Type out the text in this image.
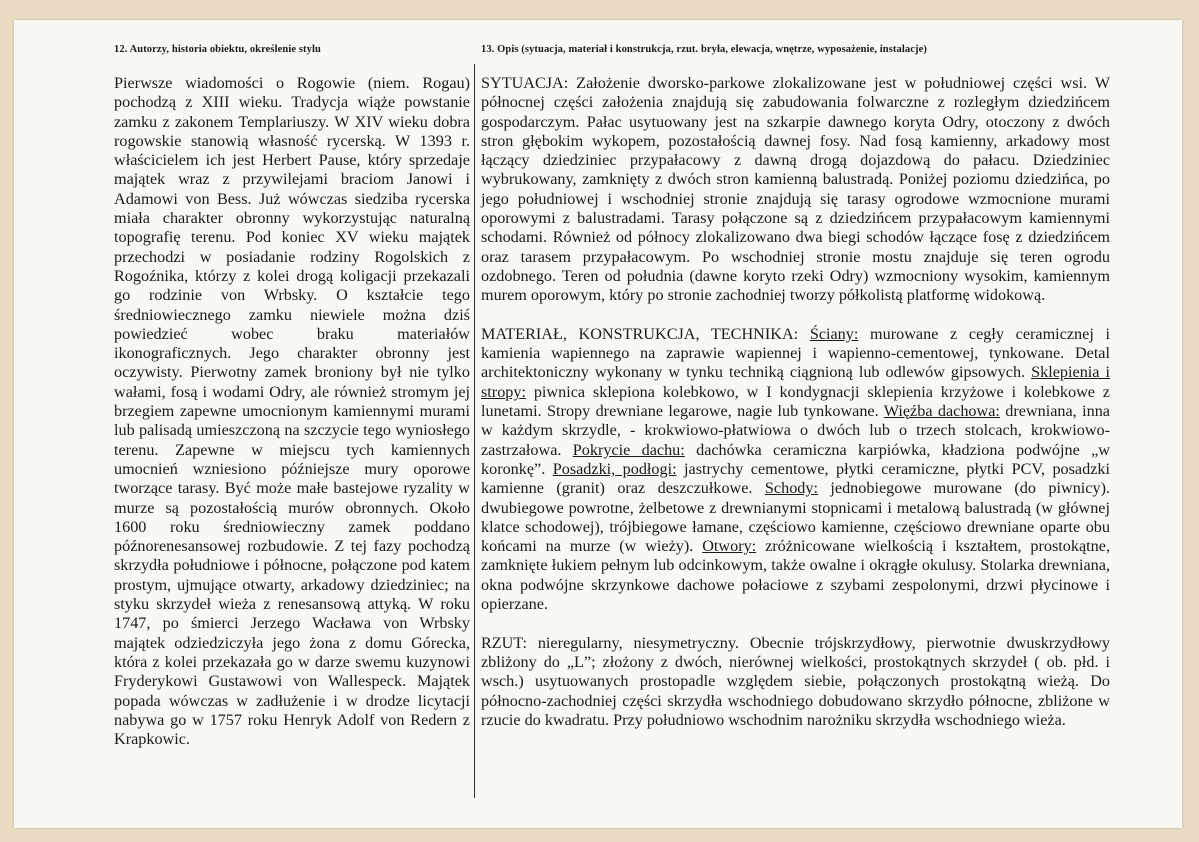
12. Autorzy, historia obiektu, określenie stylu	13. Opis (sytuacja, materiał i konstrukcja, rzut. bryła, elewacja, wnętrze, wyposażenie, instalacje)

Pierwsze wiadomości o Rogowie (niem. Rogau) pochodzą z XIII wieku. Tradycja wiąże powstanie zamku z zakonem Templariuszy. W XIV wieku dobra rogowskie stanowią własność rycerską. W 1393 r. właścicielem ich jest Herbert Pause, który sprzedaje majątek wraz z przywilejami braciom Janowi i Adamowi von Bess. Już wówczas siedziba rycerska miała charakter obronny wykorzystując naturalną topografię terenu. Pod koniec XV wieku majątek przechodzi w posiadanie rodziny Rogolskich z Rogoźnika, którzy z kolei drogą koligacji przekazali go rodzinie von Wrbsky. O kształcie tego średniowiecznego zamku niewiele można dziś powiedzieć wobec braku materiałów ikonograficznych. Jego charakter obronny jest oczywisty. Pierwotny zamek broniony był nie tylko wałami, fosą i wodami Odry, ale również stromym jej brzegiem zapewne umocnionym kamiennymi murami lub palisadą umieszczoną na szczycie tego wyniosłego terenu. Zapewne w miejscu tych kamiennych umocnień wzniesiono późniejsze mury oporowe tworzące tarasy. Być może małe bastejowe ryzality w murze są pozostałością murów obronnych. Około 1600 roku średniowieczny zamek poddano późnorenesansowej rozbudowie. Z tej fazy pochodzą skrzydła południowe i północne, połączone pod katem prostym, ujmujące otwarty, arkadowy dziedziniec; na styku skrzydeł wieża z renesansową attyką. W roku 1747, po śmierci Jerzego Wacława von Wrbsky majątek odziedziczyła jego żona z domu Górecka, która z kolei przekazała go w darze swemu kuzynowi Fryderykowi Gustawowi von Wallespeck. Majątek popada wówczas w zadłużenie i w drodze licytacji nabywa go w 1757 roku Henryk Adolf von Redern z Krapkowic.

SYTUACJA: Założenie dworsko-parkowe zlokalizowane jest w południowej części wsi. W północnej części założenia znajdują się zabudowania folwarczne z rozległym dziedzińcem gospodarczym. Pałac usytuowany jest na szkarpie dawnego koryta Odry, otoczony z dwóch stron głębokim wykopem, pozostałością dawnej fosy. Nad fosą kamienny, arkadowy most łączący dziedziniec przypałacowy z dawną drogą dojazdową do pałacu. Dziedziniec wybrukowany, zamknięty z dwóch stron kamienną balustradą. Poniżej poziomu dziedzińca, po jego południowej i wschodniej stronie znajdują się tarasy ogrodowe wzmocnione murami oporowymi z balustradami. Tarasy połączone są z dziedzińcem przypałacowym kamiennymi schodami. Również od północy zlokalizowano dwa biegi schodów łączące fosę z dziedzińcem oraz tarasem przypałacowym. Po wschodniej stronie mostu znajduje się teren ogrodu ozdobnego. Teren od południa (dawne koryto rzeki Odry) wzmocniony wysokim, kamiennym murem oporowym, który po stronie zachodniej tworzy półkolistą platformę widokową.

MATERIAŁ, KONSTRUKCJA, TECHNIKA: Ściany: murowane z cegły ceramicznej i kamienia wapiennego na zaprawie wapiennej i wapienno-cementowej, tynkowane. Detal architektoniczny wykonany w tynku techniką ciągnioną lub odlewów gipsowych. Sklepienia i stropy: piwnica sklepiona kolebkowo, w I kondygnacji sklepienia krzyżowe i kolebkowe z lunetami. Stropy drewniane legarowe, nagie lub tynkowane. Więźba dachowa: drewniana, inna w każdym skrzydle, - krokwiowo-płatwiowa o dwóch lub o trzech stolcach, krokwiowo-zastrzałowa. Pokrycie dachu: dachówka ceramiczna karpiówka, kładziona podwójne „w koronkę”. Posadzki, podłogi: jastrychy cementowe, płytki ceramiczne, płytki PCV, posadzki kamienne (granit) oraz deszczułkowe. Schody: jednobiegowe murowane (do piwnicy). dwubiegowe powrotne, żelbetowe z drewnianymi stopnicami i metalową balustradą (w głównej klatce schodowej), trójbiegowe łamane, częściowo kamienne, częściowo drewniane oparte obu końcami na murze (w wieży). Otwory: zróżnicowane wielkością i kształtem, prostokątne, zamknięte łukiem pełnym lub odcinkowym, także owalne i okrągłe okulusy. Stolarka drewniana, okna podwójne skrzynkowe dachowe połaciowe z szybami zespolonymi, drzwi płycinowe i opierzane.

RZUT: nieregularny, niesymetryczny. Obecnie trójskrzydłowy, pierwotnie dwuskrzydłowy zbliżony do „L”; złożony z dwóch, nierównej wielkości, prostokątnych skrzydeł ( ob. płd. i wsch.) usytuowanych prostopadle względem siebie, połączonych prostokątną wieżą. Do północno-zachodniej części skrzydła wschodniego dobudowano skrzydło północne, zbliżone w rzucie do kwadratu. Przy południowo wschodnim narożniku skrzydła wschodniego wieża.
